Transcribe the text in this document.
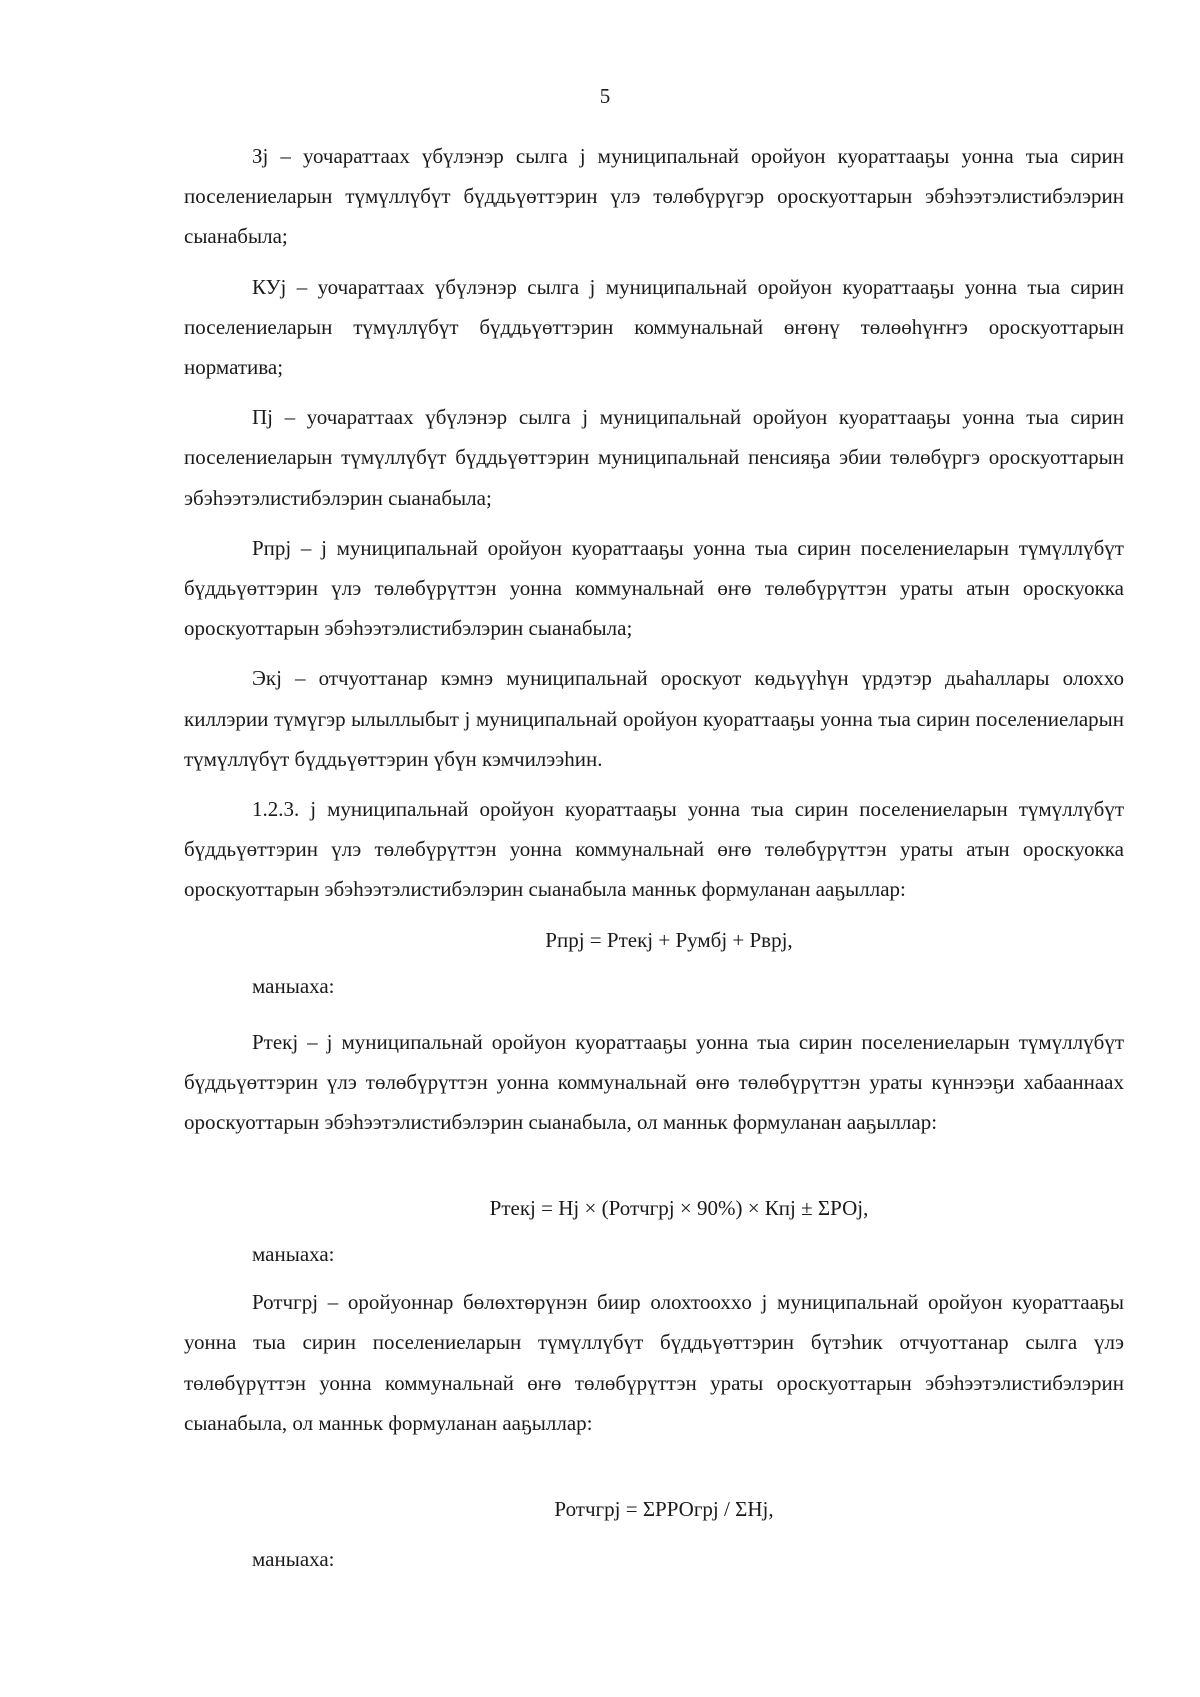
5

Зj – уочараттаах үбүлэнэр сылга j муниципальнай оройуон куораттааҕы уонна тыа сирин поселениеларын түмүллүбүт бүддьүөттэрин үлэ төлөбүрүгэр ороскуоттарын эбэһээтэлистибэлэрин сыанабыла;

КУj – уочараттаах үбүлэнэр сылга j муниципальнай оройуон куораттааҕы уонна тыа сирин поселениеларын түмүллүбүт бүддьүөттэрин коммунальнай өҥөнү төлөөһүҥҥэ ороскуоттарын норматива;

Пj – уочараттаах үбүлэнэр сылга j муниципальнай оройуон куораттааҕы уонна тыа сирин поселениеларын түмүллүбүт бүддьүөттэрин муниципальнай пенсияҕа эбии төлөбүргэ ороскуоттарын эбэһээтэлистибэлэрин сыанабыла;

Рпрj – j муниципальнай оройуон куораттааҕы уонна тыа сирин поселениеларын түмүллүбүт бүддьүөттэрин үлэ төлөбүрүттэн уонна коммунальнай өҥө төлөбүрүттэн ураты атын ороскуокка ороскуоттарын эбэһээтэлистибэлэрин сыанабыла;

Экj – отчуоттанар кэмнэ муниципальнай ороскуот көдьүүһүн үрдэтэр дьаһаллары олоххо киллэрии түмүгэр ылыллыбыт j муниципальнай оройуон куораттааҕы уонна тыа сирин поселениеларын түмүллүбүт бүддьүөттэрин үбүн кэмчилээһин.

1.2.3. j муниципальнай оройуон куораттааҕы уонна тыа сирин поселениеларын түмүллүбүт бүддьүөттэрин үлэ төлөбүрүттэн уонна коммунальнай өҥө төлөбүрүттэн ураты атын ороскуокка ороскуоттарын эбэһээтэлистибэлэрин сыанабыла манньк формуланан ааҕыллар:

Рпрj = Ртекj + Румбj + Рврj,

маныаха:

Ртекj – j муниципальнай оройуон куораттааҕы уонна тыа сирин поселениеларын түмүллүбүт бүддьүөттэрин үлэ төлөбүрүттэн уонна коммунальнай өҥө төлөбүрүттэн ураты күннээҕи хабааннаах ороскуоттарын эбэһээтэлистибэлэрин сыанабыла, ол манньк формуланан ааҕыллар:

Ртекj = Нj × (Ротчгрj × 90%) × Кпj ± ΣРОj,

маныаха:

Ротчгрj – оройуоннар бөлөхтөрүнэн биир олохтоохxo j муниципальнай оройуон куораттааҕы уонна тыа сирин поселениеларын түмүллүбүт бүддьүөттэрин бүтэһик отчуоттанар сылга үлэ төлөбүрүттэн уонна коммунальнай өҥө төлөбүрүттэн ураты ороскуоттарын эбэһээтэлистибэлэрин сыанабыла, ол манньк формуланан ааҕыллар:

Ротчгрj = ΣРРОгрj / ΣНj,

маныаха:
